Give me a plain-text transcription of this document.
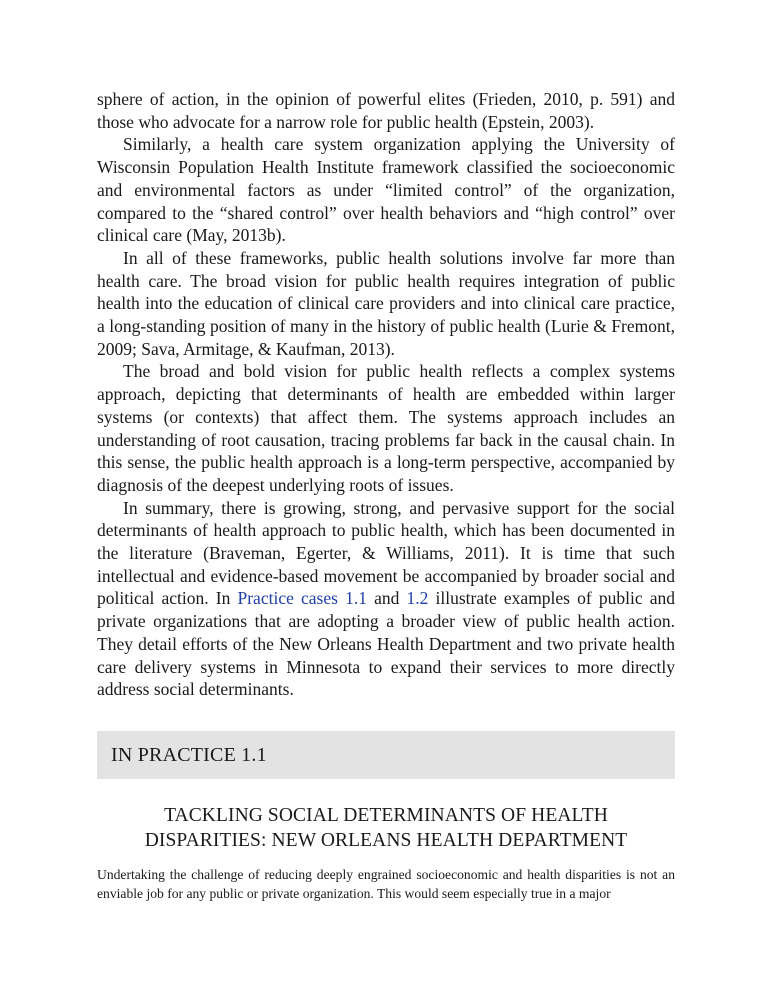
sphere of action, in the opinion of powerful elites (Frieden, 2010, p. 591) and those who advocate for a narrow role for public health (Epstein, 2003).

Similarly, a health care system organization applying the University of Wisconsin Population Health Institute framework classified the socioeconomic and environmental factors as under “limited control” of the organization, compared to the “shared control” over health behaviors and “high control” over clinical care (May, 2013b).

In all of these frameworks, public health solutions involve far more than health care. The broad vision for public health requires integration of public health into the education of clinical care providers and into clinical care practice, a long-standing position of many in the history of public health (Lurie & Fremont, 2009; Sava, Armitage, & Kaufman, 2013).

The broad and bold vision for public health reflects a complex systems approach, depicting that determinants of health are embedded within larger systems (or contexts) that affect them. The systems approach includes an understanding of root causation, tracing problems far back in the causal chain. In this sense, the public health approach is a long-term perspective, accompanied by diagnosis of the deepest underlying roots of issues.

In summary, there is growing, strong, and pervasive support for the social determinants of health approach to public health, which has been documented in the literature (Braveman, Egerter, & Williams, 2011). It is time that such intellectual and evidence-based movement be accompanied by broader social and political action. In Practice cases 1.1 and 1.2 illustrate examples of public and private organizations that are adopting a broader view of public health action. They detail efforts of the New Orleans Health Department and two private health care delivery systems in Minnesota to expand their services to more directly address social determinants.

IN PRACTICE 1.1
TACKLING SOCIAL DETERMINANTS OF HEALTH
DISPARITIES: NEW ORLEANS HEALTH DEPARTMENT

Undertaking the challenge of reducing deeply engrained socioeconomic and health disparities is not an enviable job for any public or private organization. This would seem especially true in a major
